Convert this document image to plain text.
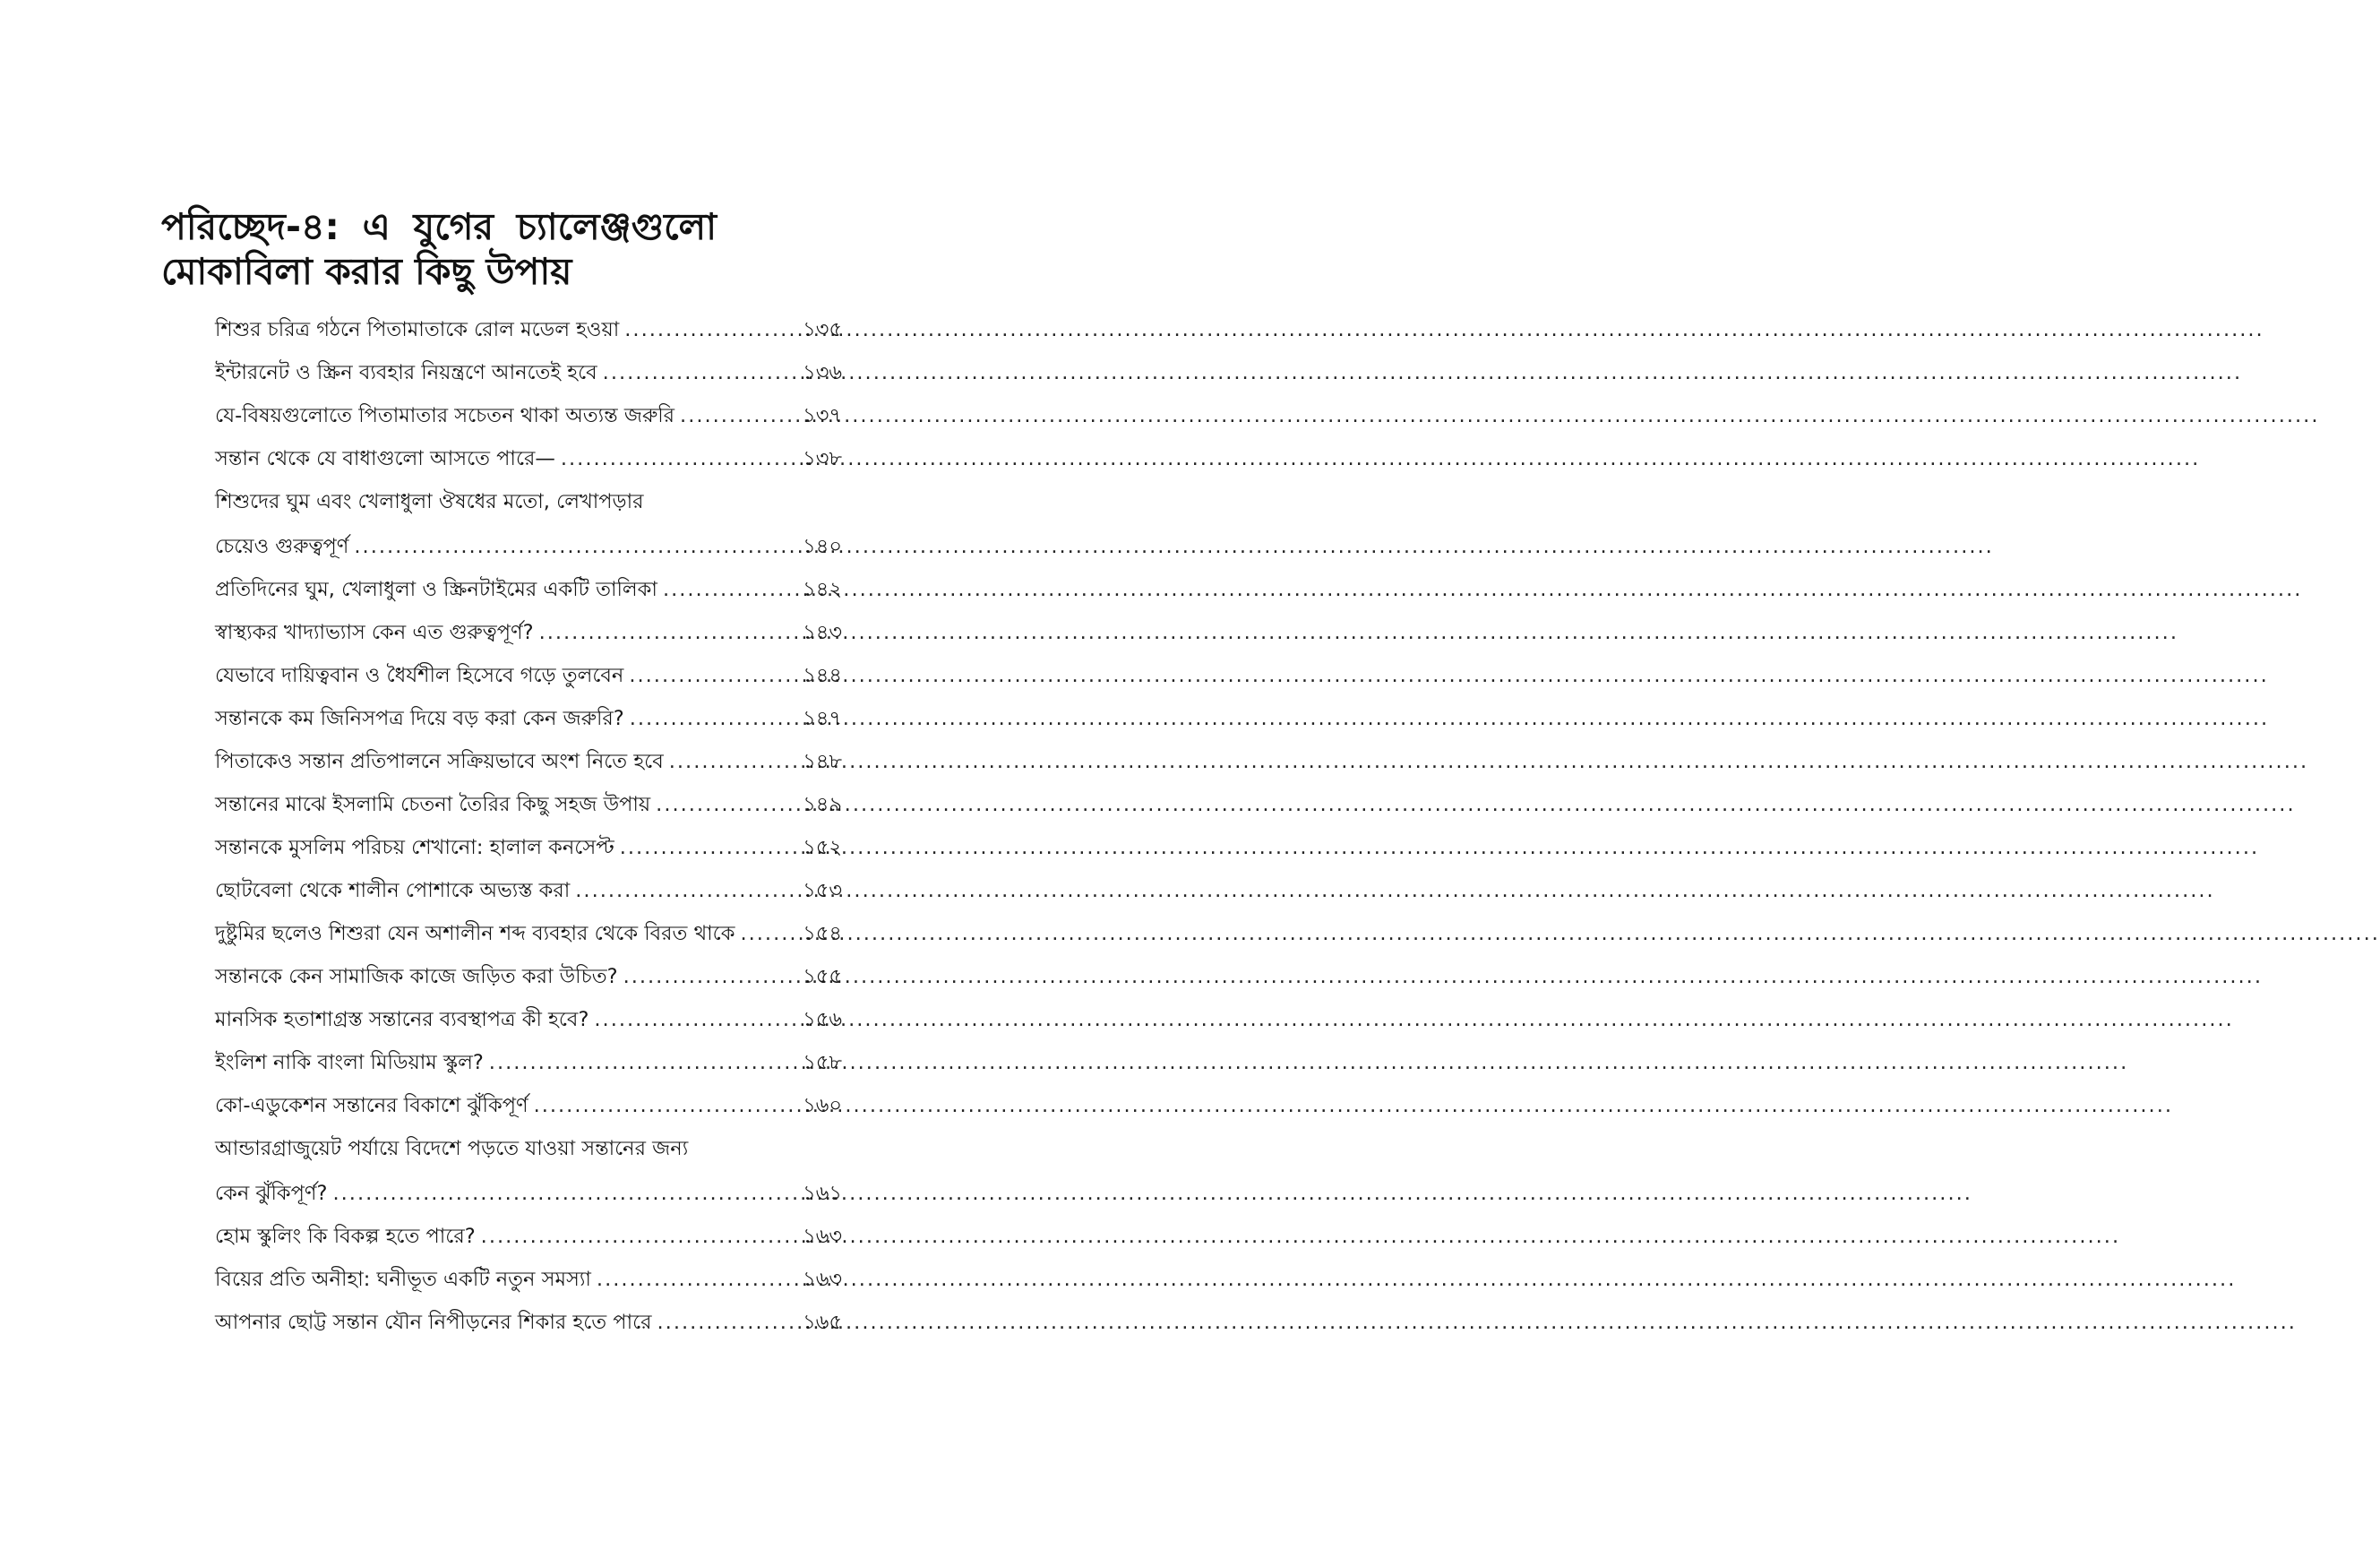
পরিচ্ছেদ-৪: এ যুগের চ্যালেঞ্জগুলো
মোকাবিলা করার কিছু উপায়
শিশুর চরিত্র গঠনে পিতামাতাকে রোল মডেল হওয়া .....	১৩৫
ইন্টারনেট ও স্ক্রিন ব্যবহার নিয়ন্ত্রণে আনতেই হবে .....	১৩৬
যে-বিষয়গুলোতে পিতামাতার সচেতন থাকা অত্যন্ত জরুরি .....	১৩৭
সন্তান থেকে যে বাধাগুলো আসতে পারে— .....	১৩৮
শিশুদের ঘুম এবং খেলাধুলা ঔষধের মতো, লেখাপড়ার
চেয়েও গুরুত্বপূর্ণ .....	১৪০
প্রতিদিনের ঘুম, খেলাধুলা ও স্ক্রিনটাইমের একটি তালিকা .....	১৪২
স্বাস্থ্যকর খাদ্যাভ্যাস কেন এত গুরুত্বপূর্ণ? .....	১৪৩
যেভাবে দায়িত্ববান ও ধৈর্যশীল হিসেবে গড়ে তুলবেন .....	১৪৪
সন্তানকে কম জিনিসপত্র দিয়ে বড় করা কেন জরুরি? .....	১৪৭
পিতাকেও সন্তান প্রতিপালনে সক্রিয়ভাবে অংশ নিতে হবে .....	১৪৮
সন্তানের মাঝে ইসলামি চেতনা তৈরির কিছু সহজ উপায় .....	১৪৯
সন্তানকে মুসলিম পরিচয় শেখানো: হালাল কনসেপ্ট .....	১৫২
ছোটবেলা থেকে শালীন পোশাকে অভ্যস্ত করা .....	১৫৩
দুষ্টুমির ছলেও শিশুরা যেন অশালীন শব্দ ব্যবহার থেকে বিরত থাকে .....	১৫৪
সন্তানকে কেন সামাজিক কাজে জড়িত করা উচিত? .....	১৫৫
মানসিক হতাশাগ্রস্ত সন্তানের ব্যবস্থাপত্র কী হবে? .....	১৫৬
ইংলিশ নাকি বাংলা মিডিয়াম স্কুল? .....	১৫৮
কো-এডুকেশন সন্তানের বিকাশে ঝুঁকিপূর্ণ .....	১৬০
আন্ডারগ্রাজুয়েট পর্যায়ে বিদেশে পড়তে যাওয়া সন্তানের জন্য
কেন ঝুঁকিপূর্ণ? .....	১৬১
হোম স্কুলিং কি বিকল্প হতে পারে? .....	১৬৩
বিয়ের প্রতি অনীহা: ঘনীভূত একটি নতুন সমস্যা .....	১৬৩
আপনার ছোট্ট সন্তান যৌন নিপীড়নের শিকার হতে পারে .....	১৬৫
